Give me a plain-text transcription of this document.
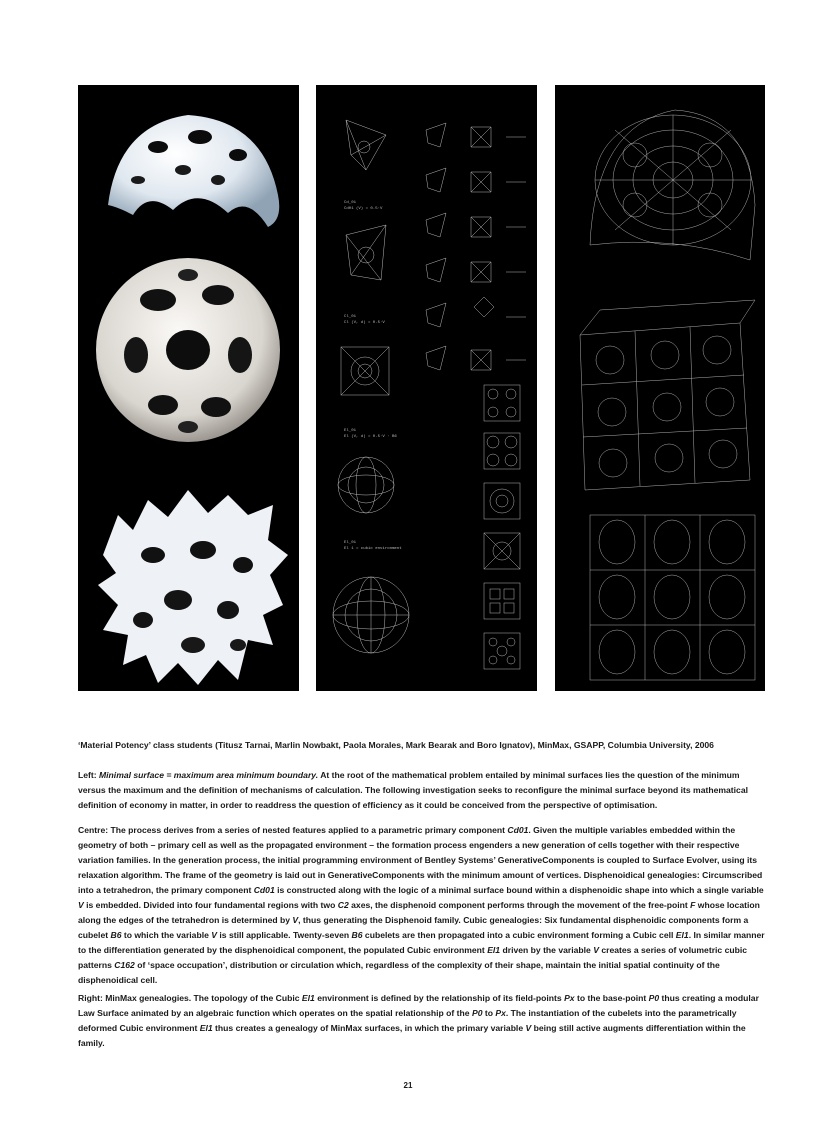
Cd_01
Cd01 (V) = 0.5·V
Cl_01
Cl (V, d) = 0.5·V
El_01
El (V, d) = 0.5·V · B6
El_01
El 1 = cubic environment

‘Material Potency’ class students (Titusz Tarnai, Marlin Nowbakt, Paola Morales, Mark Bearak and Boro Ignatov), MinMax, GSAPP, Columbia University, 2006

Left: Minimal surface = maximum area minimum boundary. At the root of the mathematical problem entailed by minimal surfaces lies the question of the minimum versus the maximum and the definition of mechanisms of calculation. The following investigation seeks to reconfigure the minimal surface beyond its mathematical definition of economy in matter, in order to readdress the question of efficiency as it could be conceived from the perspective of optimisation.

Centre: The process derives from a series of nested features applied to a parametric primary component Cd01. Given the multiple variables embedded within the geometry of both – primary cell as well as the propagated environment – the formation process engenders a new generation of cells together with their respective variation families. In the generation process, the initial programming environment of Bentley Systems’ GenerativeComponents is coupled to Surface Evolver, using its relaxation algorithm. The frame of the geometry is laid out in GenerativeComponents with the minimum amount of vertices. Disphenoidical genealogies: Circumscribed into a tetrahedron, the primary component Cd01 is constructed along with the logic of a minimal surface bound within a disphenoidic shape into which a single variable V is embedded. Divided into four fundamental regions with two C2 axes, the disphenoid component performs through the movement of the free-point F whose location along the edges of the tetrahedron is determined by V, thus generating the Disphenoid family. Cubic genealogies: Six fundamental disphenoidic components form a cubelet B6 to which the variable V is still applicable. Twenty-seven B6 cubelets are then propagated into a cubic environment forming a Cubic cell El1. In similar manner to the differentiation generated by the disphenoidical component, the populated Cubic environment El1 driven by the variable V creates a series of volumetric cubic patterns C162 of ‘space occupation’, distribution or circulation which, regardless of the complexity of their shape, maintain the initial spatial continuity of the disphenoidical cell.

Right: MinMax genealogies. The topology of the Cubic El1 environment is defined by the relationship of its field-points Px to the base-point P0 thus creating a modular Law Surface animated by an algebraic function which operates on the spatial relationship of the P0 to Px. The instantiation of the cubelets into the parametrically deformed Cubic environment El1 thus creates a genealogy of MinMax surfaces, in which the primary variable V being still active augments differentiation within the family.

21
